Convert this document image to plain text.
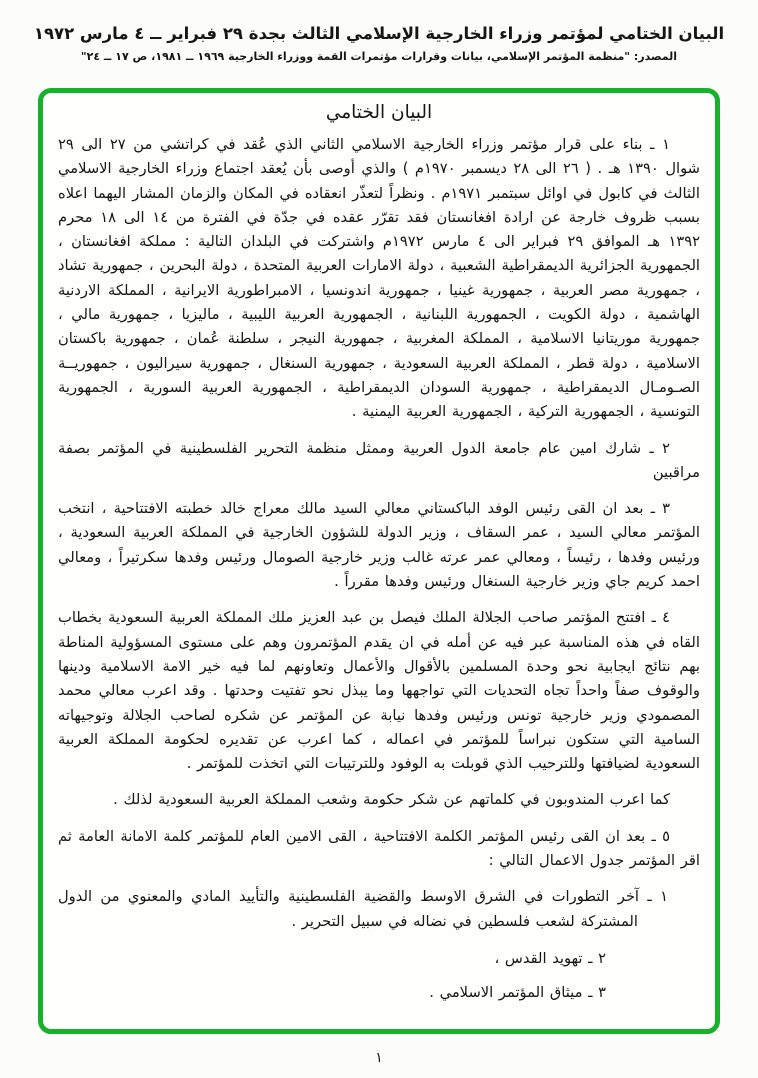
البيان الختامي لمؤتمر وزراء الخارجية الإسلامي الثالث بجدة ٢٩ فبراير ــ ٤ مارس ١٩٧٢
المصدر: "منظمة المؤتمر الإسلامي، بيانات وقرارات مؤتمرات القمة ووزراء الخارجية ١٩٦٩ ــ ١٩٨١، ص ١٧ ــ ٢٤"
البيان الختامي

١ ـ بناء على قرار مؤتمر وزراء الخارجية الاسلامي الثاني الذي عُقد في كراتشي من ٢٧ الى ٢٩ شوال ١٣٩٠ هـ . ( ٢٦ الى ٢٨ ديسمبر ١٩٧٠م ) والذي أوصى بأن يُعقد اجتماع وزراء الخارجية الاسلامي الثالث في كابول في اوائل سبتمبر ١٩٧١م . ونظراً لتعذّر انعقاده في المكان والزمان المشار اليهما اعلاه بسبب ظروف خارجة عن ارادة افغانستان فقد تقرّر عقده في جدّة في الفترة من ١٤ الى ١٨ محرم ١٣٩٢ هـ الموافق ٢٩ فبراير الى ٤ مارس ١٩٧٢م واشتركت في البلدان التالية : مملكة افغانستان ، الجمهورية الجزائرية الديمقراطية الشعبية ، دولة الامارات العربية المتحدة ، دولة البحرين ، جمهورية تشاد ، جمهورية مصر العربية ، جمهورية غينيا ، جمهورية اندونسيا ، الامبراطورية الايرانية ، المملكة الاردنية الهاشمية ، دولة الكويت ، الجمهورية اللبنانية ، الجمهورية العربية الليبية ، ماليزيا ، جمهورية مالي ، جمهورية موريتانيا الاسلامية ، المملكة المغربية ، جمهورية النيجر ، سلطنة عُمان ، جمهورية باكستان الاسلامية ، دولة قطر ، المملكة العربية السعودية ، جمهورية السنغال ، جمهورية سيراليون ، جمهوريــة الصـومـال الديمقراطية ، جمهورية السودان الديمقراطية ، الجمهورية العربية السورية ، الجمهورية التونسية ، الجمهورية التركية ، الجمهورية العربية اليمنية .

٢ ـ شارك امين عام جامعة الدول العربية وممثل منظمة التحرير الفلسطينية في المؤتمر بصفة مراقبين

٣ ـ بعد ان القى رئيس الوفد الباكستاني معالي السيد مالك معراج خالد خطبته الافتتاحية ، انتخب المؤتمر معالي السيد ، عمر السقاف ، وزير الدولة للشؤون الخارجية في المملكة العربية السعودية ، ورئيس وفدها ، رئيساً ، ومعالي عمر عرته غالب وزير خارجية الصومال ورئيس وفدها سكرتيراً ، ومعالي احمد كريم جاي وزير خارجية السنغال ورئيس وفدها مقرراً .

٤ ـ افتتح المؤتمر صاحب الجلالة الملك فيصل بن عبد العزيز ملك المملكة العربية السعودية بخطاب القاه في هذه المناسبة عبر فيه عن أمله في ان يقدم المؤتمرون وهم على مستوى المسؤولية المناطة بهم نتائج ايجابية نحو وحدة المسلمين بالأقوال والأعمال وتعاونهم لما فيه خير الامة الاسلامية ودينها والوقوف صفاً واحداً تجاه التحديات التي تواجهها وما يبذل نحو تفتيت وحدتها . وقد اعرب معالي محمد المصمودي وزير خارجية تونس ورئيس وفدها نيابة عن المؤتمر عن شكره لصاحب الجلالة وتوجيهاته السامية التي ستكون نبراساً للمؤتمر في اعماله ، كما اعرب عن تقديره لحكومة المملكة العربية السعودية لضيافتها وللترحيب الذي قوبلت به الوفود وللترتيبات التي اتخذت للمؤتمر .

كما اعرب المندوبون في كلماتهم عن شكر حكومة وشعب المملكة العربية السعودية لذلك .

٥ ـ بعد ان القى رئيس المؤتمر الكلمة الافتتاحية ، القى الامين العام للمؤتمر كلمة الامانة العامة ثم اقر المؤتمر جدول الاعمال التالي :

١ ـ آخر التطورات في الشرق الاوسط والقضية الفلسطينية والتأييد المادي والمعنوي من الدول المشتركة لشعب فلسطين في نضاله في سبيل التحرير .
٢ ـ تهويد القدس ،
٣ ـ ميثاق المؤتمر الاسلامي .
١
